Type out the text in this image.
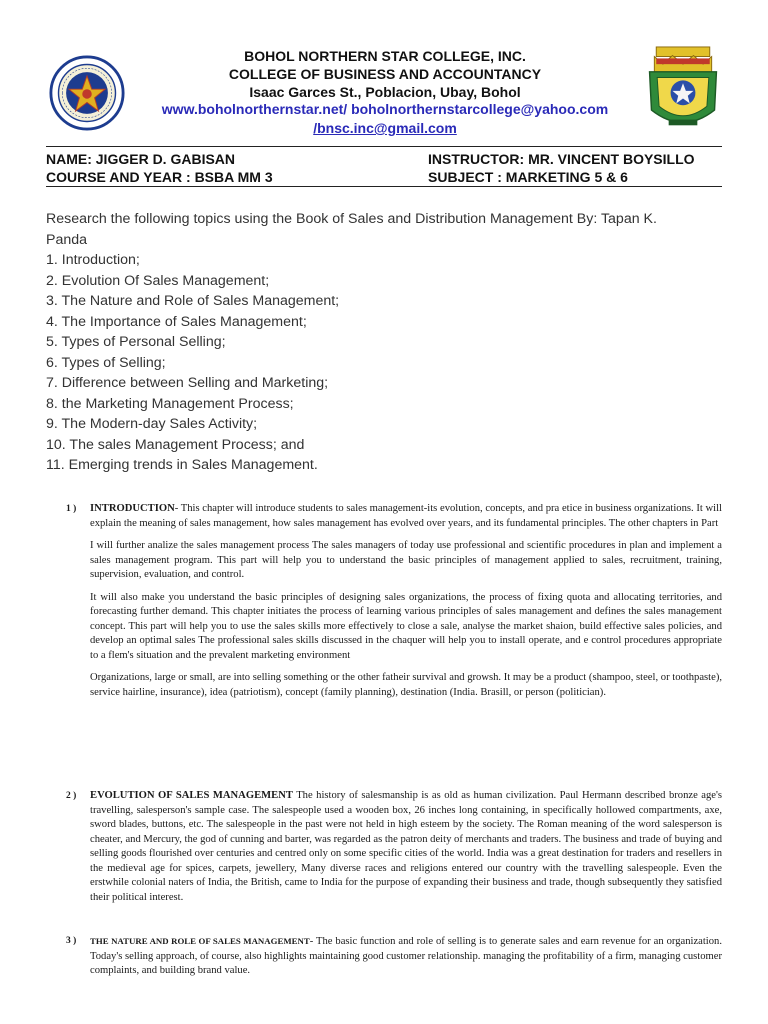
BOHOL NORTHERN STAR COLLEGE, INC.
COLLEGE OF BUSINESS AND ACCOUNTANCY
Isaac Garces St., Poblacion, Ubay, Bohol
www.boholnorthernstar.net/ boholnorthernstarcollege@yahoo.com
/bnsc.inc@gmail.com
NAME: JIGGER D. GABISAN	INSTRUCTOR: MR. VINCENT BOYSILLO
COURSE AND YEAR : BSBA MM 3	SUBJECT : MARKETING 5 & 6
Research the following topics using the Book of Sales and Distribution Management By: Tapan K.
Panda
1. Introduction;
2. Evolution Of Sales Management;
3. The Nature and Role of Sales Management;
4. The Importance of Sales Management;
5. Types of Personal Selling;
6. Types of Selling;
7. Difference between Selling and Marketing;
8. the Marketing Management Process;
9. The Modern-day Sales Activity;
10. The sales Management Process; and
11. Emerging trends in Sales Management.
1 ) INTRODUCTION- This chapter will introduce students to sales management-its evolution, concepts, and pra etice in business organizations. It will explain the meaning of sales management, how sales management has evolved over years, and its fundamental principles. The other chapters in Part

I will further analize the sales management process The sales managers of today use professional and scientific procedures in plan and implement a sales management program. This part will help you to understand the basic principles of management applied to sales, recruitment, training, supervision, evaluation, and control.

It will also make you understand the basic principles of designing sales organizations, the process of fixing quota and allocating territories, and forecasting further demand. This chapter initiates the process of learning various principles of sales management and defines the sales management concept. This part will help you to use the sales skills more effectively to close a sale, analyse the market shaion, build effective sales policies, and develop an optimal sales The professional sales skills discussed in the chaquer will help you to install operate, and e control procedures appropriate to a flem's situation and the prevalent marketing environment

Organizations, large or small, are into selling something or the other fatheir survival and growsh. It may be a product (shampoo, steel, or toothpaste), service hairline, insurance), idea (patriotism), concept (family planning), destination (India. Brasill, or person (politician).

2 ) EVOLUTION OF SALES MANAGEMENT The history of salesmanship is as old as human civilization. Paul Hermann described bronze age's travelling, salesperson's sample case. The salespeople used a wooden box, 26 inches long containing, in specifically hollowed compartments, axe, sword blades, buttons, etc. The salespeople in the past were not held in high esteem by the society. The Roman meaning of the word salesperson is cheater, and Mercury, the god of cunning and barter, was regarded as the patron deity of merchants and traders. The business and trade of buying and selling goods flourished over centuries and centred only on some specific cities of the world. India was a great destination for traders and resellers in the medieval age for spices, carpets, jewellery, Many diverse races and religions entered our country with the travelling salespeople. Even the erstwhile colonial naters of India, the British, came to India for the purpose of expanding their business and trade, though subsequently they satisfied their political interest.

3 ) THE NATURE AND ROLE OF SALES MANAGEMENT- The basic function and role of selling is to generate sales and earn revenue for an organization. Today's selling approach, of course, also highlights maintaining good customer relationship. managing the profitability of a firm, managing customer complaints, and building brand value.
